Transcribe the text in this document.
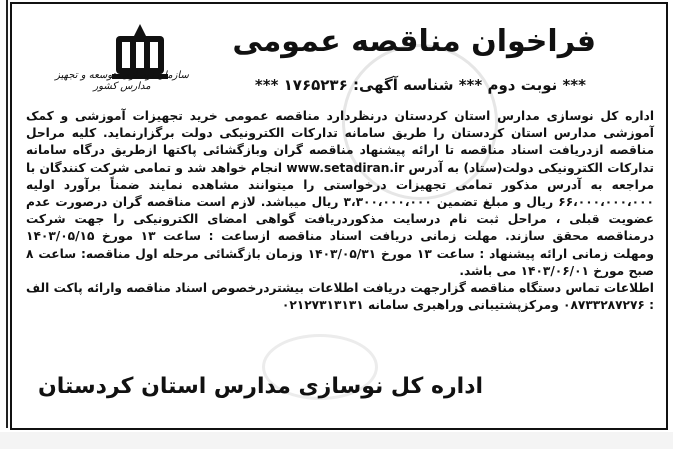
فراخوان مناقصه عمومی
*** نوبت دوم *** شناسه آگهی: ۱۷۶۵۲۳۶ ***
سازمان نوسازی، توسعه و تجهیز مدارس کشور

اداره کل نوسازی مدارس استان کردستان درنظردارد مناقصه عمومی خرید تجهیزات آموزشی و کمک آموزشی مدارس استان کردستان را طریق سامانه تدارکات الکترونیکی دولت برگزارنماید. کلیه مراحل مناقصه ازدریافت اسناد مناقصه تا ارائه پیشنهاد مناقصه گران وبازگشائی پاکتها ازطریق درگاه سامانه تدارکات الکترونیکی دولت(ستاد) به آدرس www.setadiran.ir انجام خواهد شد و تمامی شرکت کنندگان با مراجعه به آدرس مذکور تمامی تجهیزات درخواستی را میتوانند مشاهده نمایند ضمناً برآورد اولیه ۶۶،۰۰۰،۰۰۰،۰۰۰ ریال و مبلغ تضمین ۳،۳۰۰،۰۰۰،۰۰۰ ریال میباشد. لازم است مناقصه گران درصورت عدم عضویت قبلی ، مراحل ثبت نام درسایت مذکوردریافت گواهی امضای الکترونیکی را جهت شرکت درمناقصه محقق سازند. مهلت زمانی دریافت اسناد مناقصه ازساعت : ساعت ۱۳ مورخ ۱۴۰۳/۰۵/۱۵ ومهلت زمانی ارائه پیشنهاد : ساعت ۱۳ مورخ ۱۴۰۳/۰۵/۳۱ وزمان بازگشائی مرحله اول مناقصه: ساعت ۸ صبح مورخ ۱۴۰۳/۰۶/۰۱ می باشد.

اطلاعات تماس دستگاه مناقصه گزارجهت دریافت اطلاعات بیشتردرخصوص اسناد مناقصه وارائه پاکت الف : ۰۸۷۳۳۲۸۷۲۷۶ ومرکزپشتیبانی وراهبری سامانه ۰۲۱۲۷۳۱۳۱۳۱

اداره کل نوسازی مدارس استان کردستان
